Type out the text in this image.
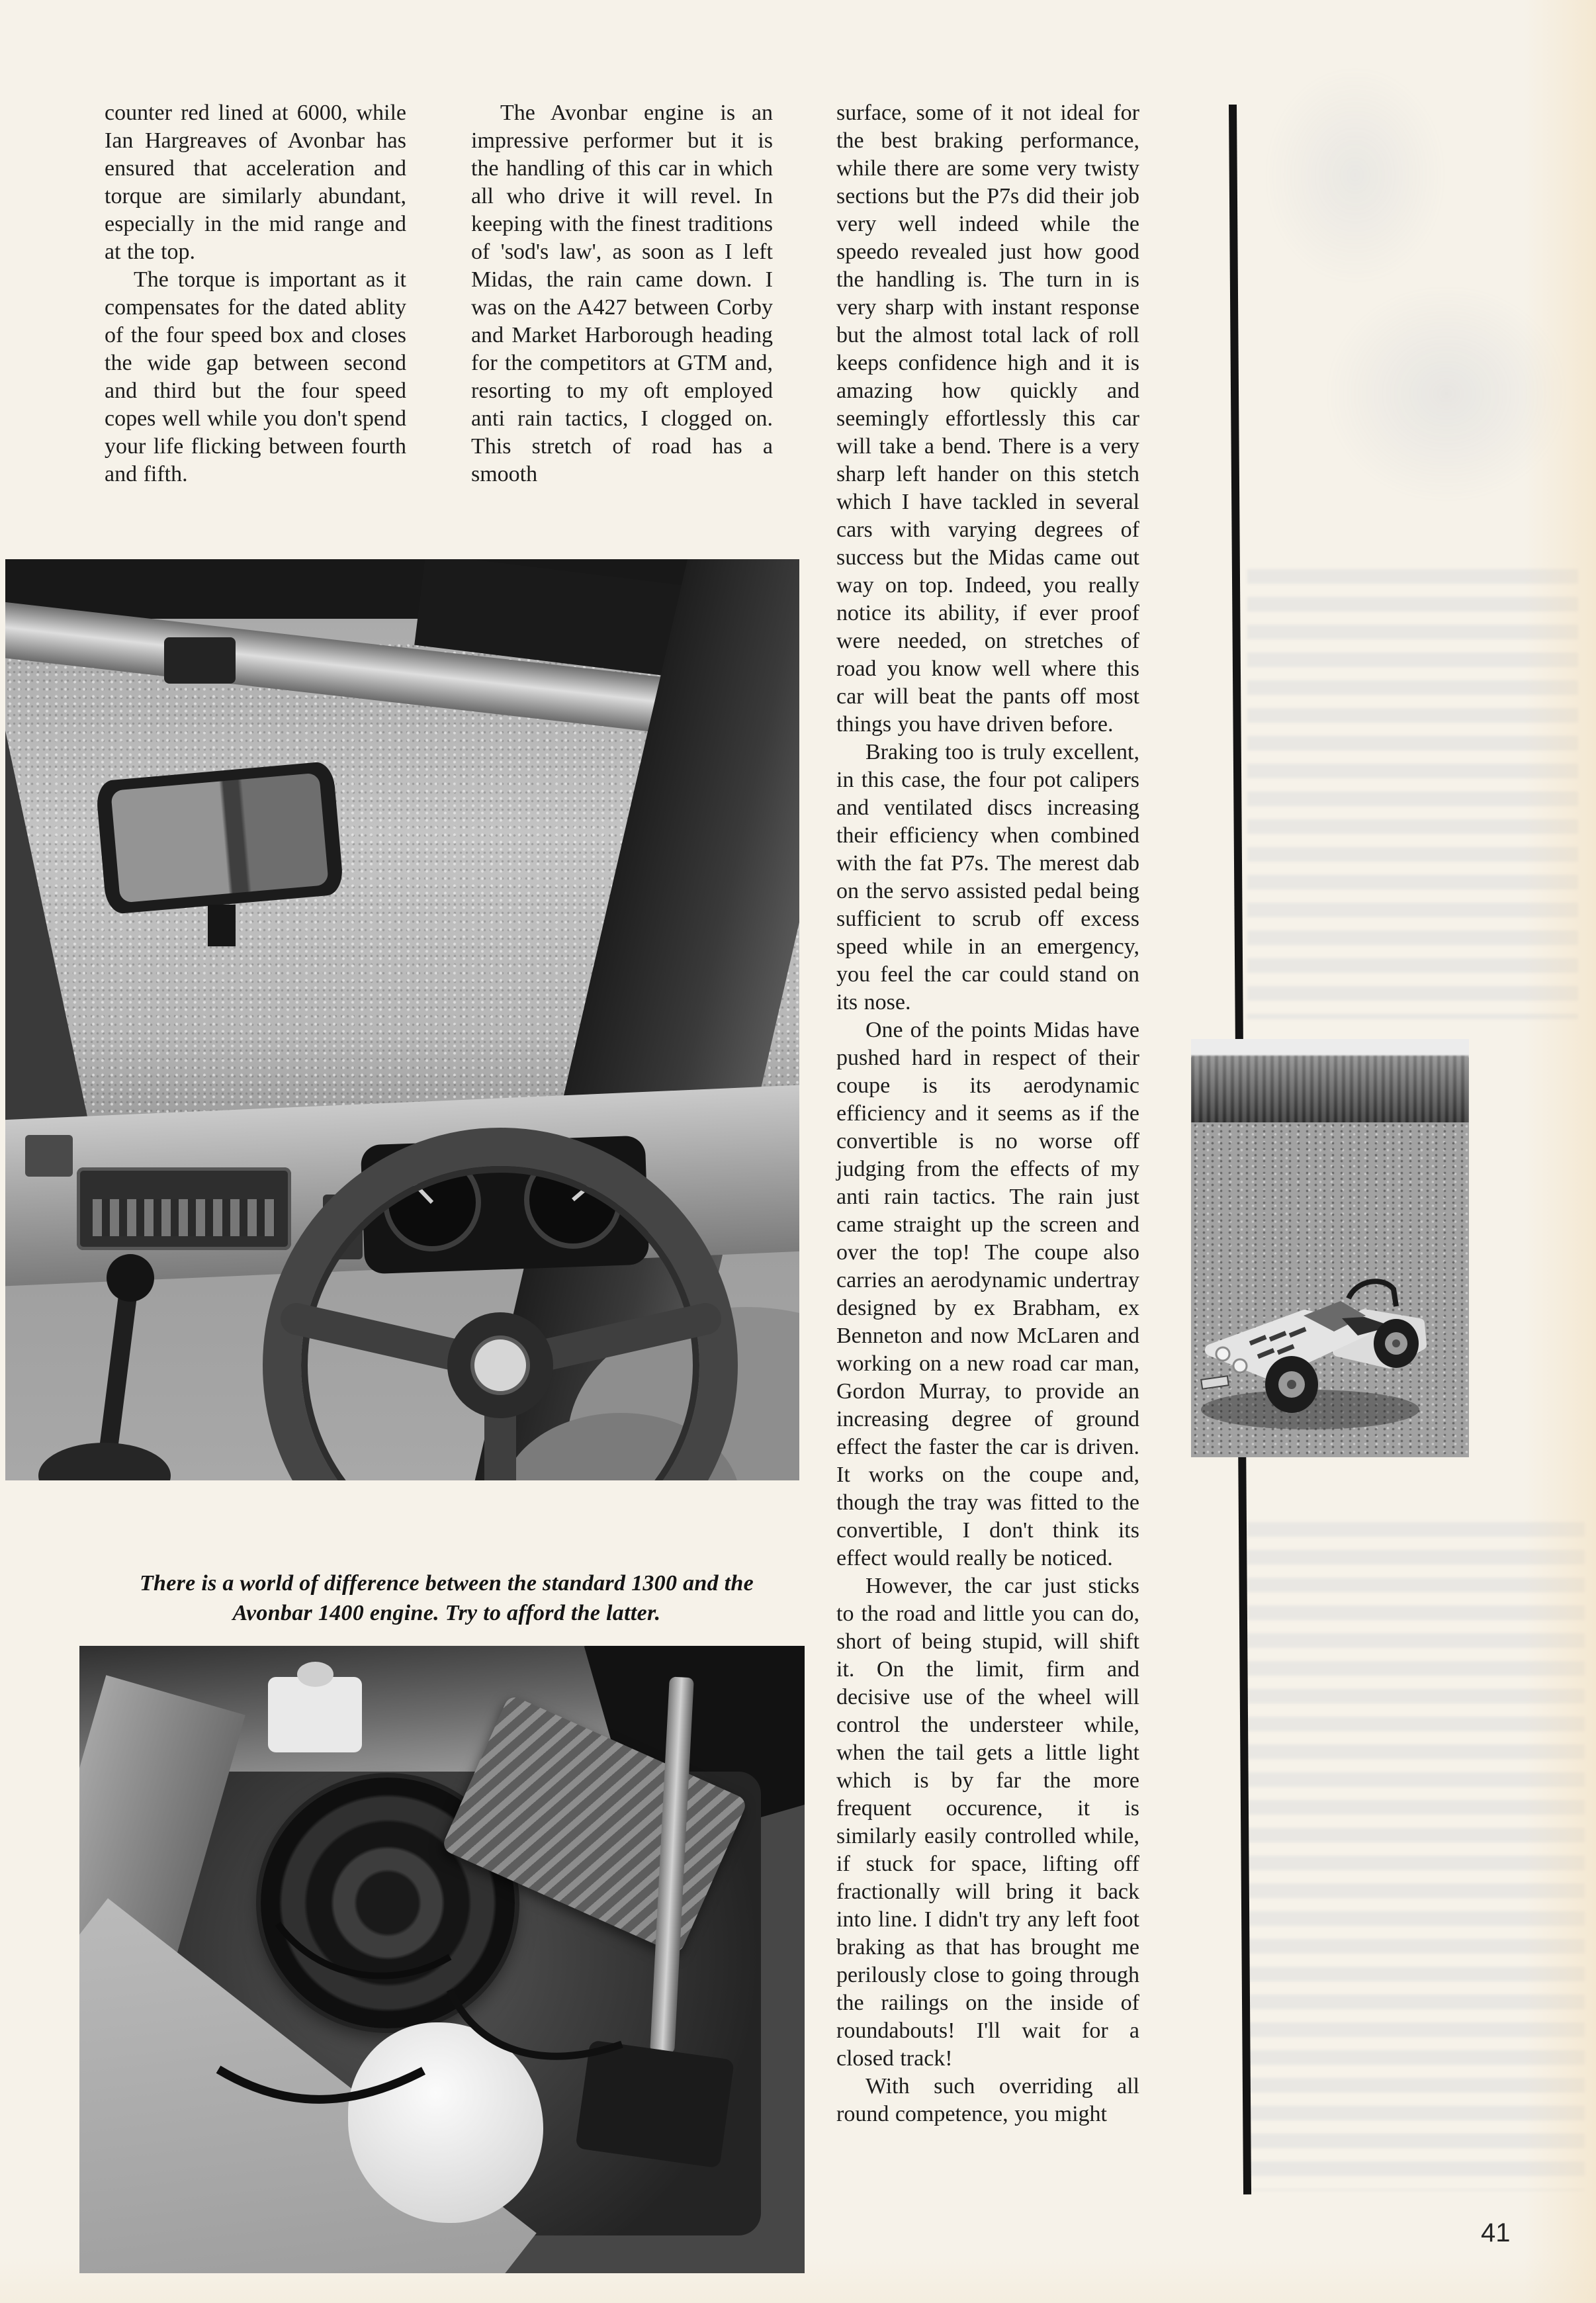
counter red lined at 6000, while Ian Hargreaves of Avonbar has ensured that acceleration and torque are similarly abundant, especially in the mid range and at the top.

The torque is important as it compensates for the dated ablity of the four speed box and closes the wide gap between second and third but the four speed copes well while you don't spend your life flicking between fourth and fifth.

The Avonbar engine is an impressive performer but it is the handling of this car in which all who drive it will revel. In keeping with the finest traditions of 'sod's law', as soon as I left Midas, the rain came down. I was on the A427 between Corby and Market Harborough heading for the competitors at GTM and, resorting to my oft employed anti rain tactics, I clogged on. This stretch of road has a smooth

surface, some of it not ideal for the best braking performance, while there are some very twisty sections but the P7s did their job very well indeed while the speedo revealed just how good the handling is. The turn in is very sharp with instant response but the almost total lack of roll keeps confidence high and it is amazing how quickly and seemingly effortlessly this car will take a bend. There is a very sharp left hander on this stetch which I have tackled in several cars with varying degrees of success but the Midas came out way on top. Indeed, you really notice its ability, if ever proof were needed, on stretches of road you know well where this car will beat the pants off most things you have driven before.

Braking too is truly excellent, in this case, the four pot calipers and ventilated discs increasing their efficiency when combined with the fat P7s. The merest dab on the servo assisted pedal being sufficient to scrub off excess speed while in an emergency, you feel the car could stand on its nose.

One of the points Midas have pushed hard in respect of their coupe is its aerodynamic efficiency and it seems as if the convertible is no worse off judging from the effects of my anti rain tactics. The rain just came straight up the screen and over the top! The coupe also carries an aerodynamic undertray designed by ex Brabham, ex Benneton and now McLaren and working on a new road car man, Gordon Murray, to provide an increasing degree of ground effect the faster the car is driven. It works on the coupe and, though the tray was fitted to the convertible, I don't think its effect would really be noticed.

However, the car just sticks to the road and little you can do, short of being stupid, will shift it. On the limit, firm and decisive use of the wheel will control the understeer while, when the tail gets a little light which is by far the more frequent occurence, it is similarly easily controlled while, if stuck for space, lifting off fractionally will bring it back into line. I didn't try any left foot braking as that has brought me perilously close to going through the railings on the inside of roundabouts! I'll wait for a closed track!

With such overriding all round competence, you might

There is a world of difference between the standard 1300 and the Avonbar 1400 engine. Try to afford the latter.
41
